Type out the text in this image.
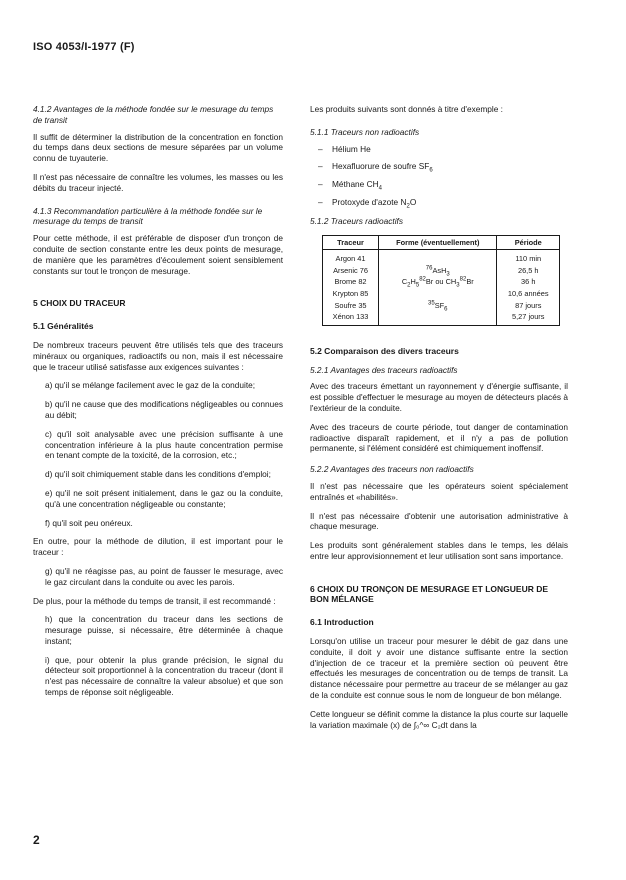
ISO 4053/I-1977 (F)
4.1.2 Avantages de la méthode fondée sur le mesurage du temps de transit

Il suffit de déterminer la distribution de la concentration en fonction du temps dans deux sections de mesure séparées par un volume connu de tuyauterie.

Il n'est pas nécessaire de connaître les volumes, les masses ou les débits du traceur injecté.

4.1.3 Recommandation particulière à la méthode fondée sur le mesurage du temps de transit

Pour cette méthode, il est préférable de disposer d'un tronçon de conduite de section constante entre les deux points de mesurage, de manière que les paramètres d'écoulement soient sensiblement constants sur tout le tronçon de mesurage.

5 CHOIX DU TRACEUR
5.1 Généralités

De nombreux traceurs peuvent être utilisés tels que des traceurs minéraux ou organiques, radioactifs ou non, mais il est nécessaire que le traceur utilisé satisfasse aux exigences suivantes :

a) qu'il se mélange facilement avec le gaz de la conduite;

b) qu'il ne cause que des modifications négligeables ou connues au débit;

c) qu'il soit analysable avec une précision suffisante à une concentration inférieure à la plus haute concentration permise en tenant compte de la toxicité, de la corrosion, etc.;

d) qu'il soit chimiquement stable dans les conditions d'emploi;

e) qu'il ne soit présent initialement, dans le gaz ou la conduite, qu'à une concentration négligeable ou constante;

f) qu'il soit peu onéreux.

En outre, pour la méthode de dilution, il est important pour le traceur :

g) qu'il ne réagisse pas, au point de fausser le mesurage, avec le gaz circulant dans la conduite ou avec les parois.

De plus, pour la méthode du temps de transit, il est recommandé :

h) que la concentration du traceur dans les sections de mesurage puisse, si nécessaire, être déterminée à chaque instant;

i) que, pour obtenir la plus grande précision, le signal du détecteur soit proportionnel à la concentration du traceur (dont il n'est pas nécessaire de connaître la valeur absolue) et que son temps de réponse soit négligeable.

Les produits suivants sont donnés à titre d'exemple :

5.1.1 Traceurs non radioactifs
– Hélium He
– Hexafluorure de soufre $SF_6$
– Méthane $CH_4$
– Protoxyde d'azote $N_2O$
5.1.2 Traceurs radioactifs
Traceur	Forme (éventuellement)	Période
Argon 41		110 min
Arsenic 76	$^{76}$AsH$_3$	26,5 h
Brome 82	$C_2H_5^{82}Br$ ou $CH_3^{82}Br$	36 h
Krypton 85		10,6 années
Soufre 35	$^{35}SF_6$	87 jours
Xénon 133		5,27 jours
5.2 Comparaison des divers traceurs
5.2.1 Avantages des traceurs radioactifs

Avec des traceurs émettant un rayonnement γ d'énergie suffisante, il est possible d'effectuer le mesurage au moyen de détecteurs placés à l'extérieur de la conduite.

Avec des traceurs de courte période, tout danger de contamination radioactive disparaît rapidement, et il n'y a pas de pollution permanente, si l'élément considéré est chimiquement inoffensif.

5.2.2 Avantages des traceurs non radioactifs

Il n'est pas nécessaire que les opérateurs soient spécialement entraînés et «habilités».

Il n'est pas nécessaire d'obtenir une autorisation administrative à chaque mesurage.

Les produits sont généralement stables dans le temps, les délais entre leur approvisionnement et leur utilisation sont sans importance.

6 CHOIX DU TRONÇON DE MESURAGE ET LONGUEUR DE BON MÉLANGE
6.1 Introduction

Lorsqu'on utilise un traceur pour mesurer le débit de gaz dans une conduite, il doit y avoir une distance suffisante entre la section d'injection de ce traceur et la première section où peuvent être effectués les mesurages de concentration ou de temps de transit. La distance nécessaire pour permettre au traceur de se mélanger au gaz de la conduite est connue sous le nom de longueur de bon mélange.

Cette longueur se définit comme la distance la plus courte sur laquelle la variation maximale (x) de ∫₀^∞ C₂dt dans la

2
